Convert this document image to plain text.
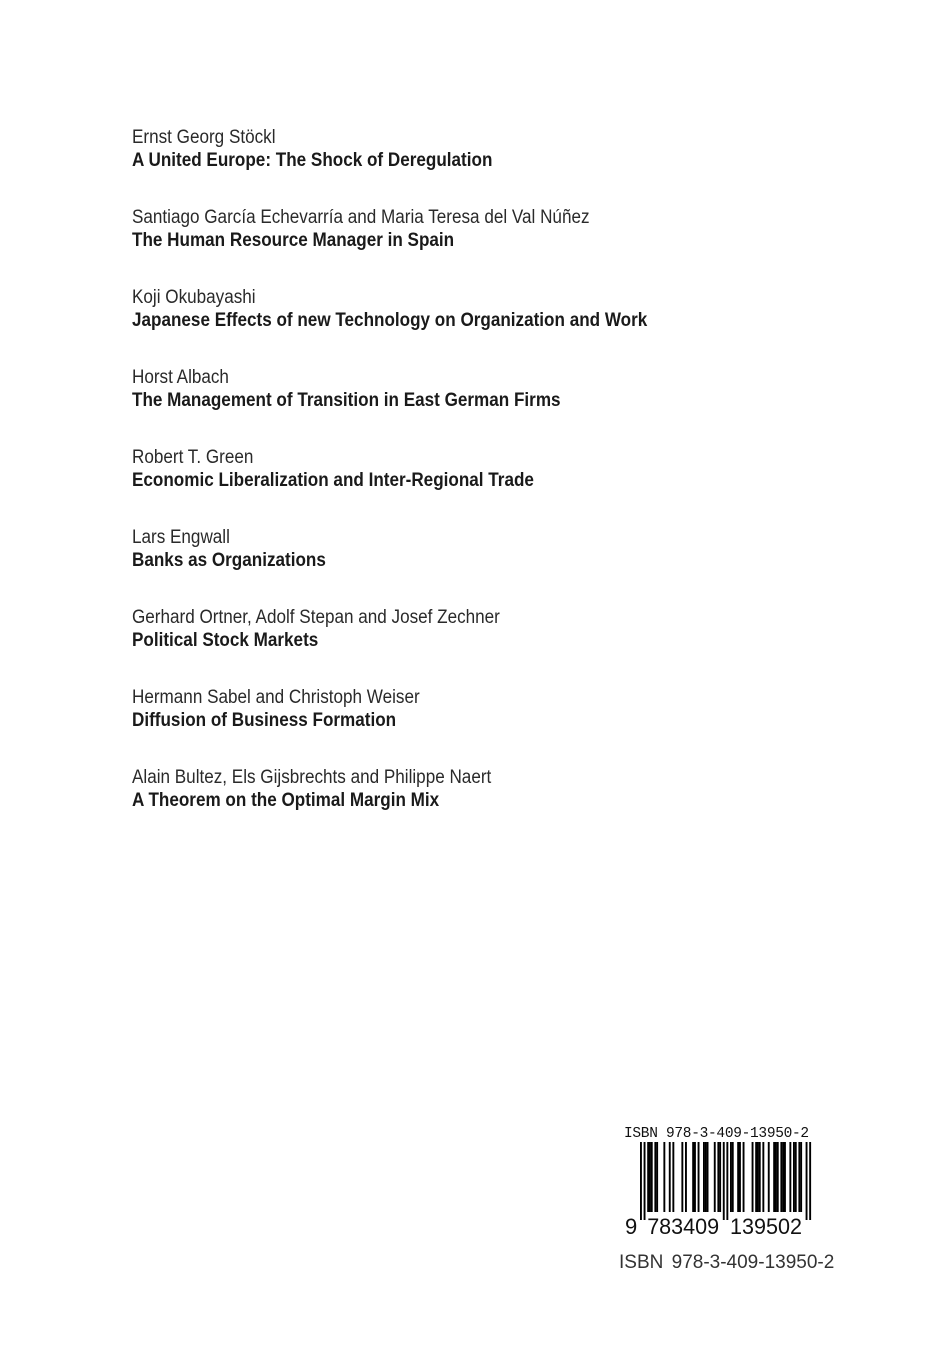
Ernst Georg Stöckl
A United Europe: The Shock of Deregulation
Santiago García Echevarría and Maria Teresa del Val Núñez
The Human Resource Manager in Spain
Koji Okubayashi
Japanese Effects of new Technology on Organization and Work
Horst Albach
The Management of Transition in East German Firms
Robert T. Green
Economic Liberalization and Inter-Regional Trade
Lars Engwall
Banks as Organizations
Gerhard Ortner, Adolf Stepan and Josef Zechner
Political Stock Markets
Hermann Sabel and Christoph Weiser
Diffusion of Business Formation
Alain Bultez, Els Gijsbrechts and Philippe Naert
A Theorem on the Optimal Margin Mix
ISBN 978-3-409-13950-2
9 783409 139502
ISBN 978-3-409-13950-2
